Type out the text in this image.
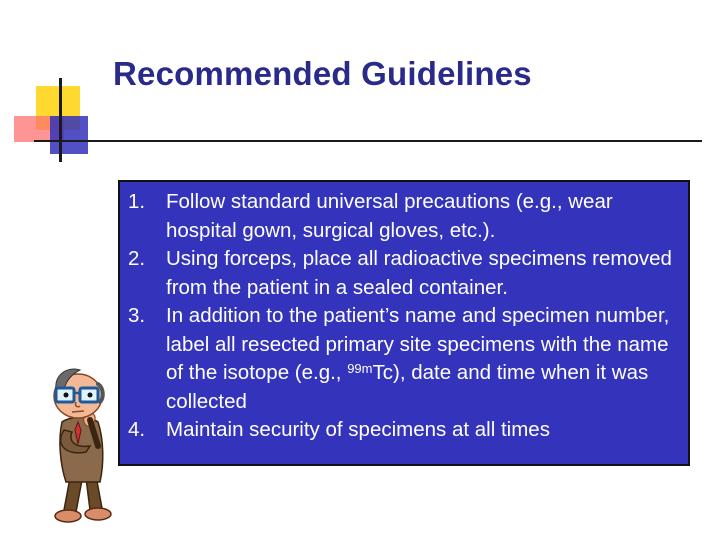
Recommended Guidelines
1. Follow standard universal precautions (e.g., wear hospital gown, surgical gloves, etc.).
2. Using forceps, place all radioactive specimens removed from the patient in a sealed container.
3. In addition to the patient’s name and specimen number, label all resected primary site specimens with the name of the isotope (e.g., $^{99m}$Tc), date and time when it was collected
4. Maintain security of specimens at all times
